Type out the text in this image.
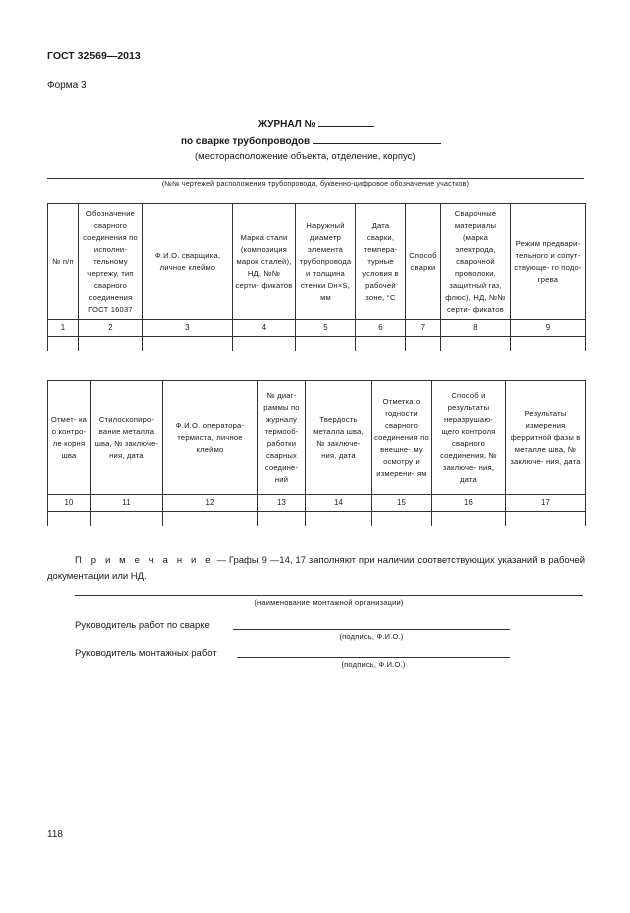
ГОСТ 32569—2013
Форма 3
ЖУРНАЛ №
по сварке трубопроводов
(месторасположение объекта, отделение, корпус)
(№№ чертежей расположения трубопровода, буквенно-цифровое обозначение участков)
№ п/п	Обозначение сварного соединения по исполни- тельному чертежу, тип сварного соединения ГОСТ 16037	Ф.И.О. сварщика, личное клеймо	Марка стали (композиция марок сталей), НД, №№ серти- фикатов	Наружный диаметр элемента трубопровода и толщина стенки Dн×S, мм	Дата сварки, темпера- турные условия в рабочей зоне, °С	Способ сварки	Сварочные материалы (марка электрода, сварочной проволоки, защитный газ, флюс), НД, №№ серти- фикатов	Режим предвари- тельного и сопут- ствующе- го подо- грева
1	2	3	4	5	6	7	8	9

Отмет- ка о контро- ле корня шва	Стилоскопиро- вание металла шва, № заключе- ния, дата	Ф.И.О. оператора- термиста, личное клеймо	№ диаг- раммы по журналу термооб- работки сварных соедине- ний	Твердость металла шва, № заключе- ния, дата	Отметка о годности сварного соединения по внешне- му осмотру и измерени- ям	Способ и результаты неразрушаю- щего контроля сварного соединения, № заключе- ния, дата	Результаты измерения ферритной фазы в металле шва, № заключе- ния, дата
10	11	12	13	14	15	16	17

П р и м е ч а н и е — Графы 9 —14, 17 заполняют при наличии соответствующих указаний в рабочей документации или НД.
(наименование монтажной организации)
Руководитель работ по сварке
(подпись, Ф.И.О.)
Руководитель монтажных работ
(подпись, Ф.И.О.)
118
